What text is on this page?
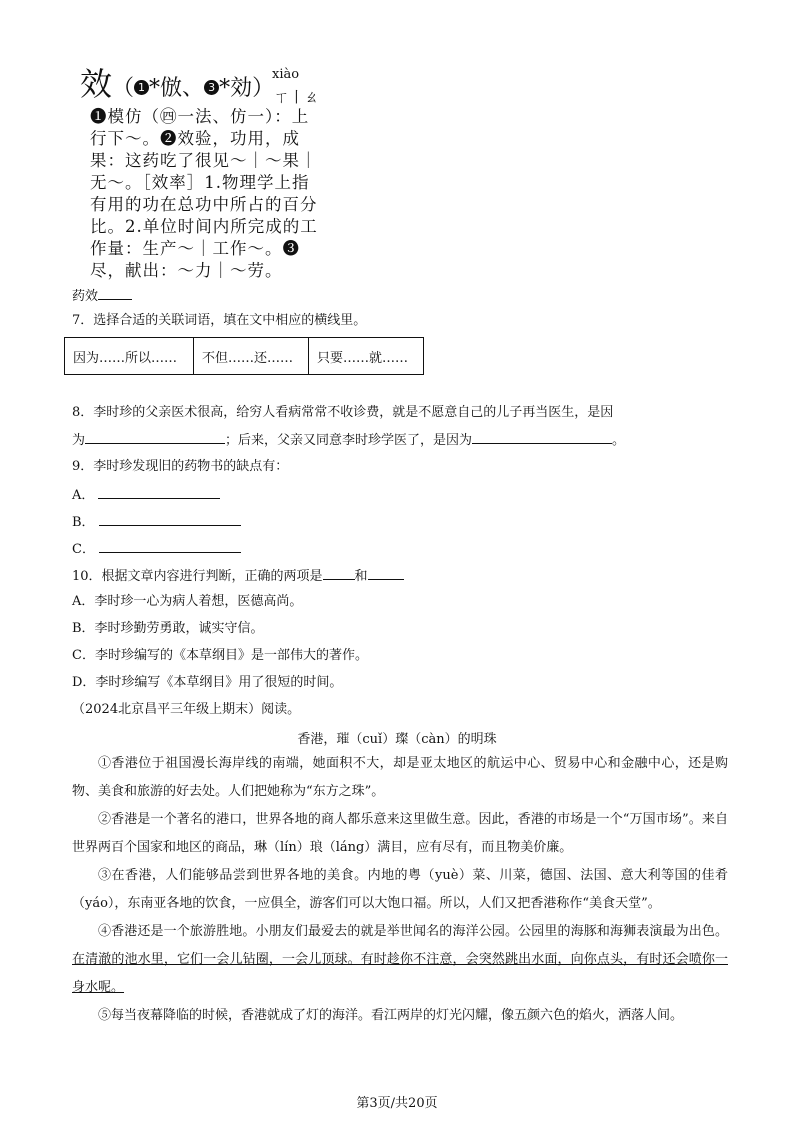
效（ 1 *倣、 3 *効）
xiào
ㄒ丨ㄠ
❶模仿（㊃一法、仿一）：上行下～。❷效验，功用，成果：这药吃了很见～｜～果｜无～。［效率］1.物理学上指有用的功在总功中所占的百分比。2.单位时间内所完成的工作量：生产～｜工作～。❸尽，献出：～力｜～劳。
药效
7．选择合适的关联词语，填在文中相应的横线里。
因为……所以……	不但……还……	只要……就……
8．李时珍的父亲医术很高，给穷人看病常常不收诊费，就是不愿意自己的儿子再当医生，是因
为	；后来，父亲又同意李时珍学医了，是因为	。
9．李时珍发现旧的药物书的缺点有：
A．
B．
C．
10．根据文章内容进行判断，正确的两项是 和
A．李时珍一心为病人着想，医德高尚。
B．李时珍勤劳勇敢，诚实守信。
C．李时珍编写的《本草纲目》是一部伟大的著作。
D．李时珍编写《本草纲目》用了很短的时间。
（2024北京昌平三年级上期末）阅读。
香港，璀（cuǐ）璨（càn）的明珠
①香港位于祖国漫长海岸线的南端，她面积不大，却是亚太地区的航运中心、贸易中心和金融中心，还是购物、美食和旅游的好去处。人们把她称为“东方之珠”。
②香港是一个著名的港口，世界各地的商人都乐意来这里做生意。因此，香港的市场是一个“万国市场”。来自世界两百个国家和地区的商品，琳（lín）琅（láng）满目，应有尽有，而且物美价廉。
③在香港，人们能够品尝到世界各地的美食。内地的粤（yuè）菜、川菜，德国、法国、意大利等国的佳肴（yáo），东南亚各地的饮食，一应俱全，游客们可以大饱口福。所以，人们又把香港称作“美食天堂”。
④香港还是一个旅游胜地。小朋友们最爱去的就是举世闻名的海洋公园。公园里的海豚和海狮表演最为出色。在清澈的池水里，它们一会儿钻圈，一会儿顶球。有时趁你不注意，会突然跳出水面，向你点头，有时还会喷你一身水呢。
⑤每当夜幕降临的时候，香港就成了灯的海洋。看江两岸的灯光闪耀，像五颜六色的焰火，洒落人间。
第3页/共20页
